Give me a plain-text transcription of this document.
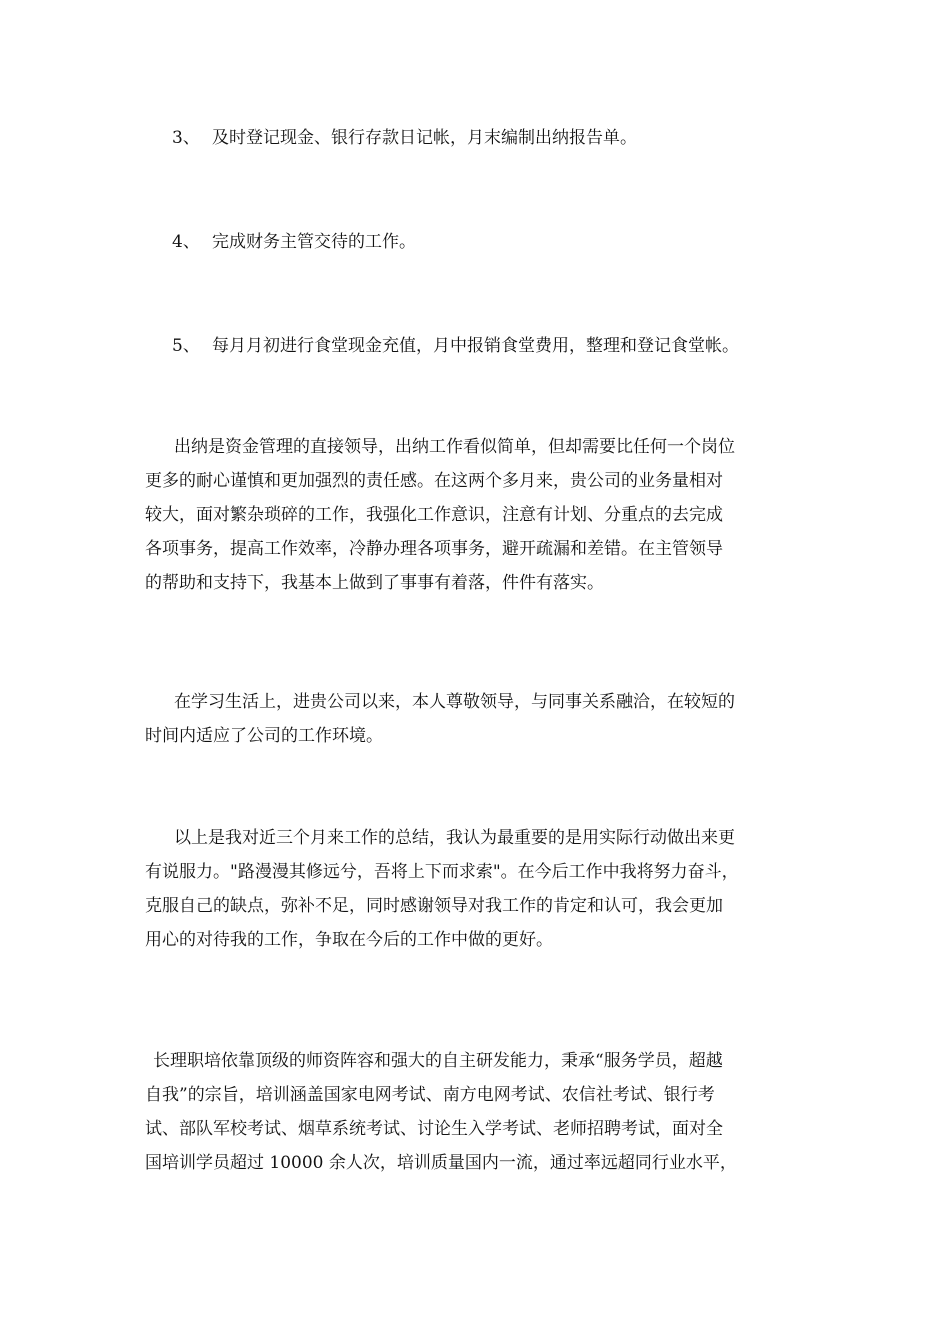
3、 及时登记现金、银行存款日记帐，月末编制出纳报告单。
4、 完成财务主管交待的工作。
5、 每月月初进行食堂现金充值，月中报销食堂费用，整理和登记食堂帐。
出纳是资金管理的直接领导，出纳工作看似简单，但却需要比任何一个岗位
更多的耐心谨慎和更加强烈的责任感。在这两个多月来，贵公司的业务量相对
较大，面对繁杂琐碎的工作，我强化工作意识，注意有计划、分重点的去完成
各项事务，提高工作效率，冷静办理各项事务，避开疏漏和差错。在主管领导
的帮助和支持下，我基本上做到了事事有着落，件件有落实。
在学习生活上，进贵公司以来，本人尊敬领导，与同事关系融洽，在较短的
时间内适应了公司的工作环境。
以上是我对近三个月来工作的总结，我认为最重要的是用实际行动做出来更
有说服力。"路漫漫其修远兮，吾将上下而求索"。在今后工作中我将努力奋斗，
克服自己的缺点，弥补不足，同时感谢领导对我工作的肯定和认可，我会更加
用心的对待我的工作，争取在今后的工作中做的更好。
长理职培依靠顶级的师资阵容和强大的自主研发能力，秉承“服务学员，超越
自我”的宗旨，培训涵盖国家电网考试、南方电网考试、农信社考试、银行考
试、部队军校考试、烟草系统考试、讨论生入学考试、老师招聘考试，面对全
国培训学员超过 10000 余人次，培训质量国内一流，通过率远超同行业水平，
